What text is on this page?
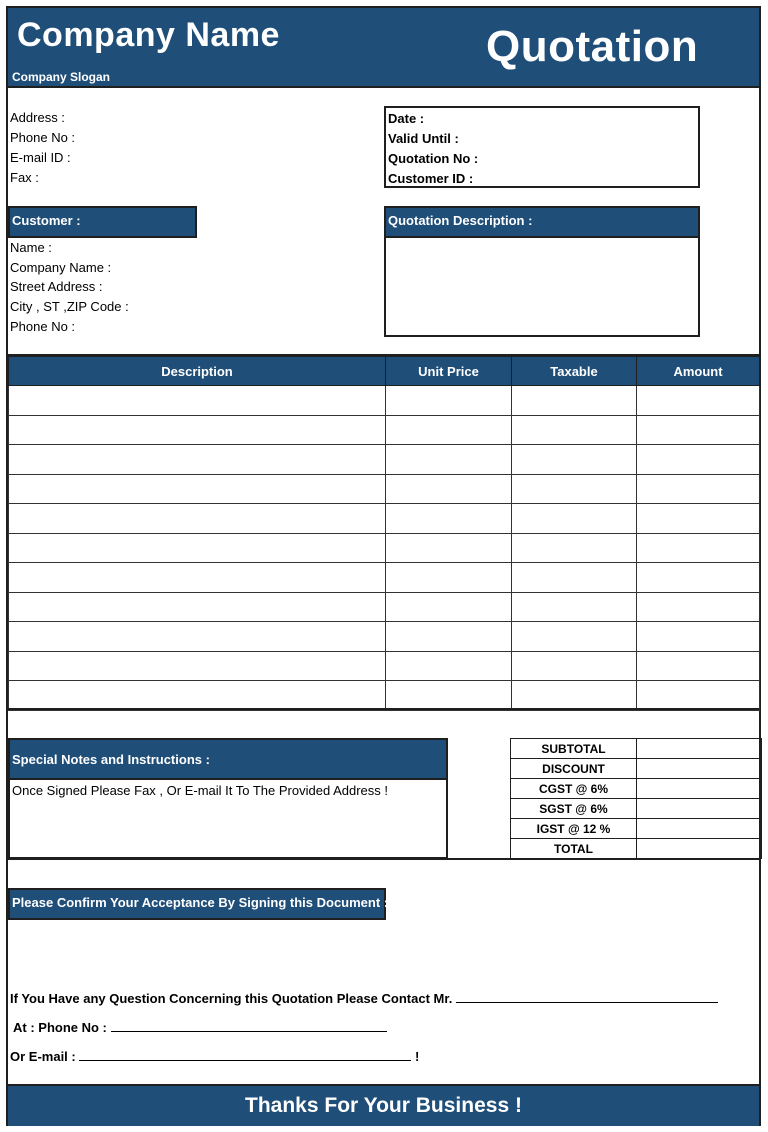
Company Name
Company Slogan
Quotation
Address :
Phone No :
E-mail ID :
Fax :
Date :
Valid Until :
Quotation No :
Customer ID :
Customer :
Name :
Company Name :
Street Address :
City , ST ,ZIP Code :
Phone No :
Quotation Description :
Description	Unit Price	Taxable	Amount

Special Notes and Instructions :
Once Signed Please Fax , Or E-mail It To The Provided Address !
SUBTOTAL	
DISCOUNT	
CGST @ 6%	
SGST @ 6%	
IGST @ 12 %	
TOTAL	
Please Confirm Your Acceptance By Signing this Document :
If You Have any Question Concerning this Quotation Please Contact Mr.
At : Phone No :
Or E-mail :	!
Thanks For Your Business !
